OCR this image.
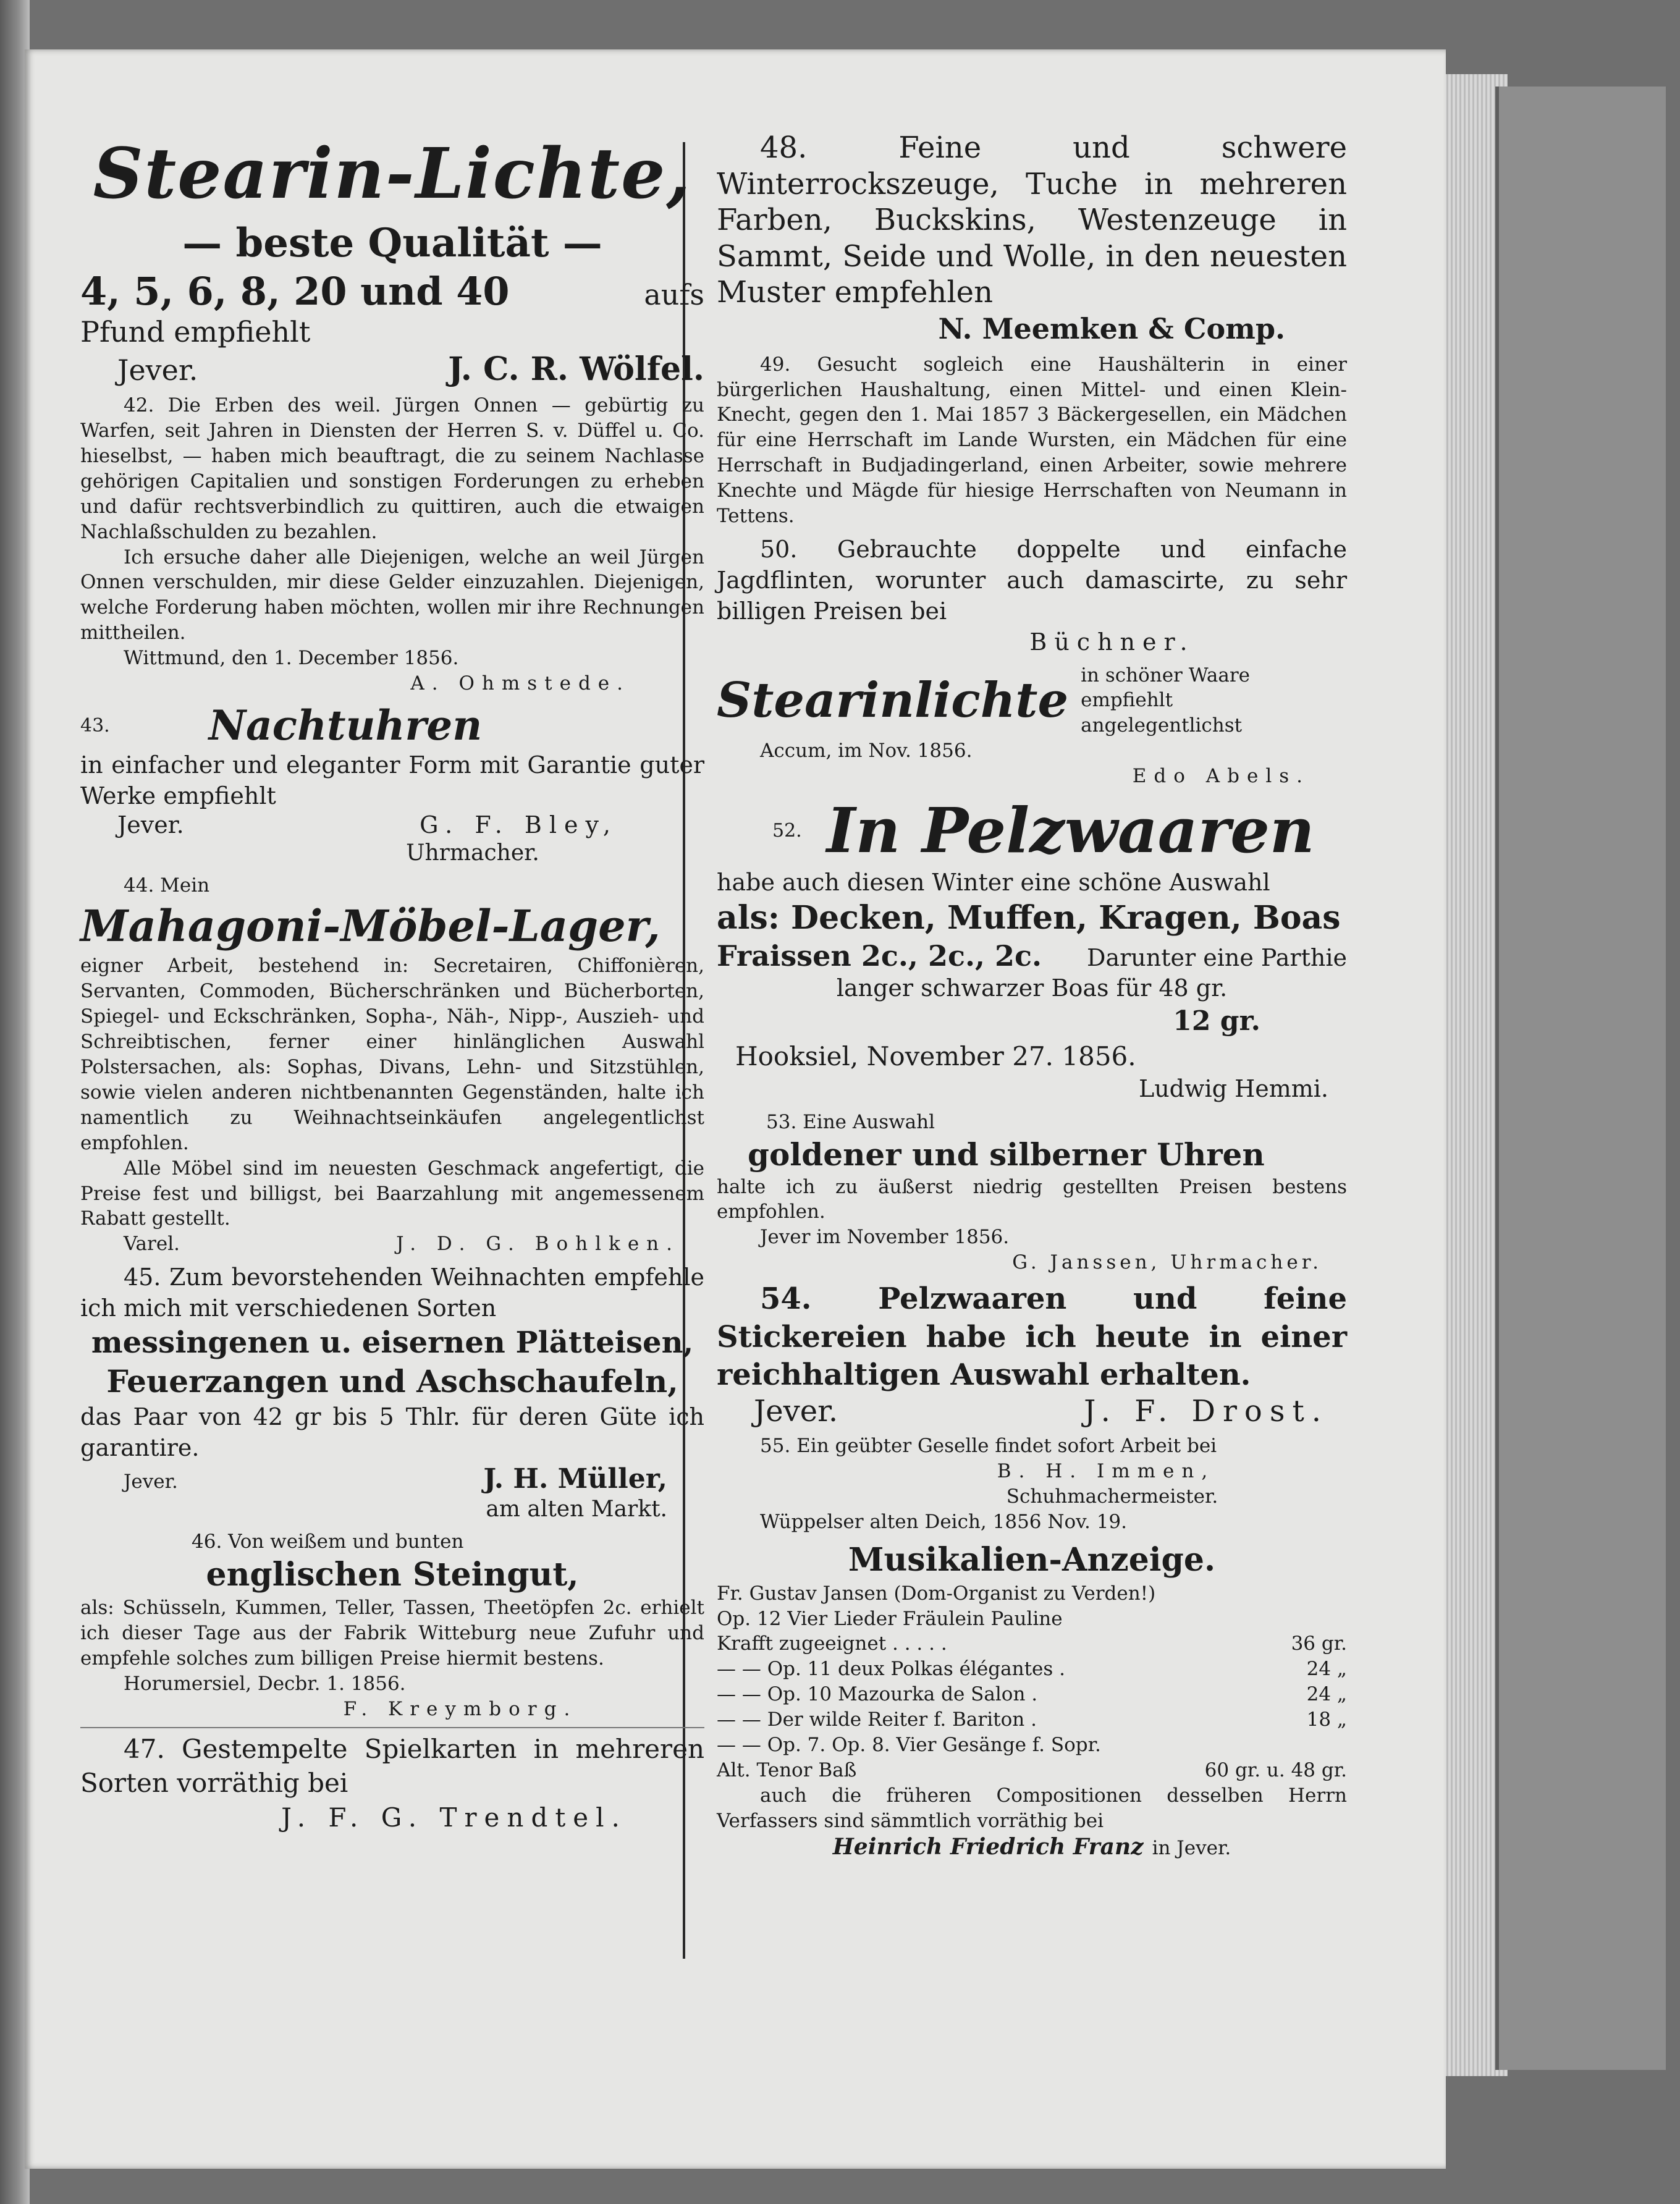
Stearin-Lichte,

— beste Qualität —

4, 5, 6, 8, 20 und 40	aufs

Pfund empfiehlt

Jever.	J. C. R. Wölfel.

42. Die Erben des weil. Jürgen Onnen — gebürtig zu Warfen, seit Jahren in Diensten der Herren S. v. Düffel u. Co. hieselbst, — haben mich beauftragt, die zu seinem Nachlasse gehörigen Capitalien und sonstigen Forderungen zu erheben und dafür rechtsverbindlich zu quittiren, auch die etwaigen Nachlaßschulden zu bezahlen.

Ich ersuche daher alle Diejenigen, welche an weil Jürgen Onnen verschulden, mir diese Gelder einzuzahlen. Diejenigen, welche Forderung haben möchten, wollen mir ihre Rechnungen mittheilen.

Wittmund, den 1. December 1856.

A. Ohmstede.

43. Nachtuhren

in einfacher und eleganter Form mit Garantie guter Werke empfiehlt

Jever.	G. F. Bley,

Uhrmacher.

44. Mein

Mahagoni-Möbel-Lager,

eigner Arbeit, bestehend in: Secretairen, Chiffonièren, Servanten, Commoden, Bücherschränken und Bücherborten, Spiegel- und Eckschränken, Sopha-, Näh-, Nipp-, Auszieh- und Schreibtischen, ferner einer hinlänglichen Auswahl Polstersachen, als: Sophas, Divans, Lehn- und Sitzstühlen, sowie vielen anderen nichtbenannten Gegenständen, halte ich namentlich zu Weihnachtseinkäufen angelegentlichst empfohlen.

Alle Möbel sind im neuesten Geschmack angefertigt, die Preise fest und billigst, bei Baarzahlung mit angemessenem Rabatt gestellt.

Varel.	J. D. G. Bohlken.

45. Zum bevorstehenden Weihnachten empfehle ich mich mit verschiedenen Sorten

messingenen u. eisernen Plätteisen,

Feuerzangen und Aschschaufeln,

das Paar von 42 gr bis 5 Thlr. für deren Güte ich garantire.

Jever.	J. H. Müller,

am alten Markt.

46. Von weißem und bunten

englischen Steingut,

als: Schüsseln, Kummen, Teller, Tassen, Theetöpfen 2c. erhielt ich dieser Tage aus der Fabrik Witteburg neue Zufuhr und empfehle solches zum billigen Preise hiermit bestens.

Horumersiel, Decbr. 1. 1856.

F. Kreymborg.

47. Gestempelte Spielkarten in mehreren Sorten vorräthig bei

J. F. G. Trendtel.

48. Feine und schwere Winterrockszeuge, Tuche in mehreren Farben, Buckskins, Westenzeuge in Sammt, Seide und Wolle, in den neuesten Muster empfehlen

N. Meemken & Comp.

49. Gesucht sogleich eine Haushälterin in einer bürgerlichen Haushaltung, einen Mittel- und einen Klein-Knecht, gegen den 1. Mai 1857 3 Bäckergesellen, ein Mädchen für eine Herrschaft im Lande Wursten, ein Mädchen für eine Herrschaft in Budjadingerland, einen Arbeiter, sowie mehrere Knechte und Mägde für hiesige Herrschaften von Neumann in Tettens.

50. Gebrauchte doppelte und einfache Jagdflinten, worunter auch damascirte, zu sehr billigen Preisen bei

Büchner.

Stearinlichte in schöner Waare empfiehlt angelegentlichst

Accum, im Nov. 1856.

Edo Abels.

52. In Pelzwaaren

habe auch diesen Winter eine schöne Auswahl

als: Decken, Muffen, Kragen, Boas

Fraissen 2c., 2c., 2c. Darunter eine Parthie

langer schwarzer Boas für 48 gr.

12 gr.

Hooksiel, November 27. 1856.

Ludwig Hemmi.

53. Eine Auswahl

goldener und silberner Uhren

halte ich zu äußerst niedrig gestellten Preisen bestens empfohlen.

Jever im November 1856.

G. Janssen, Uhrmacher.

54. Pelzwaaren und feine Stickereien habe ich heute in einer reichhaltigen Auswahl erhalten.

Jever.	J. F. Drost.

55. Ein geübter Geselle findet sofort Arbeit bei

B. H. Immen,

Schuhmachermeister.

Wüppelser alten Deich, 1856 Nov. 19.

Musikalien-Anzeige.

Fr. Gustav Jansen (Dom-Organist zu Verden!)

Op. 12 Vier Lieder Fräulein Pauline
Krafft zugeeignet . . . . .	36 gr.
— — Op. 11 deux Polkas élégantes .	24 „
— — Op. 10 Mazourka de Salon .	24 „
— — Der wilde Reiter f. Bariton .	18 „
— — Op. 7. Op. 8. Vier Gesänge f. Sopr.
Alt. Tenor Baß	60 gr. u. 48 gr.

auch die früheren Compositionen desselben Herrn Verfassers sind sämmtlich vorräthig bei

Heinrich Friedrich Franz in Jever.
